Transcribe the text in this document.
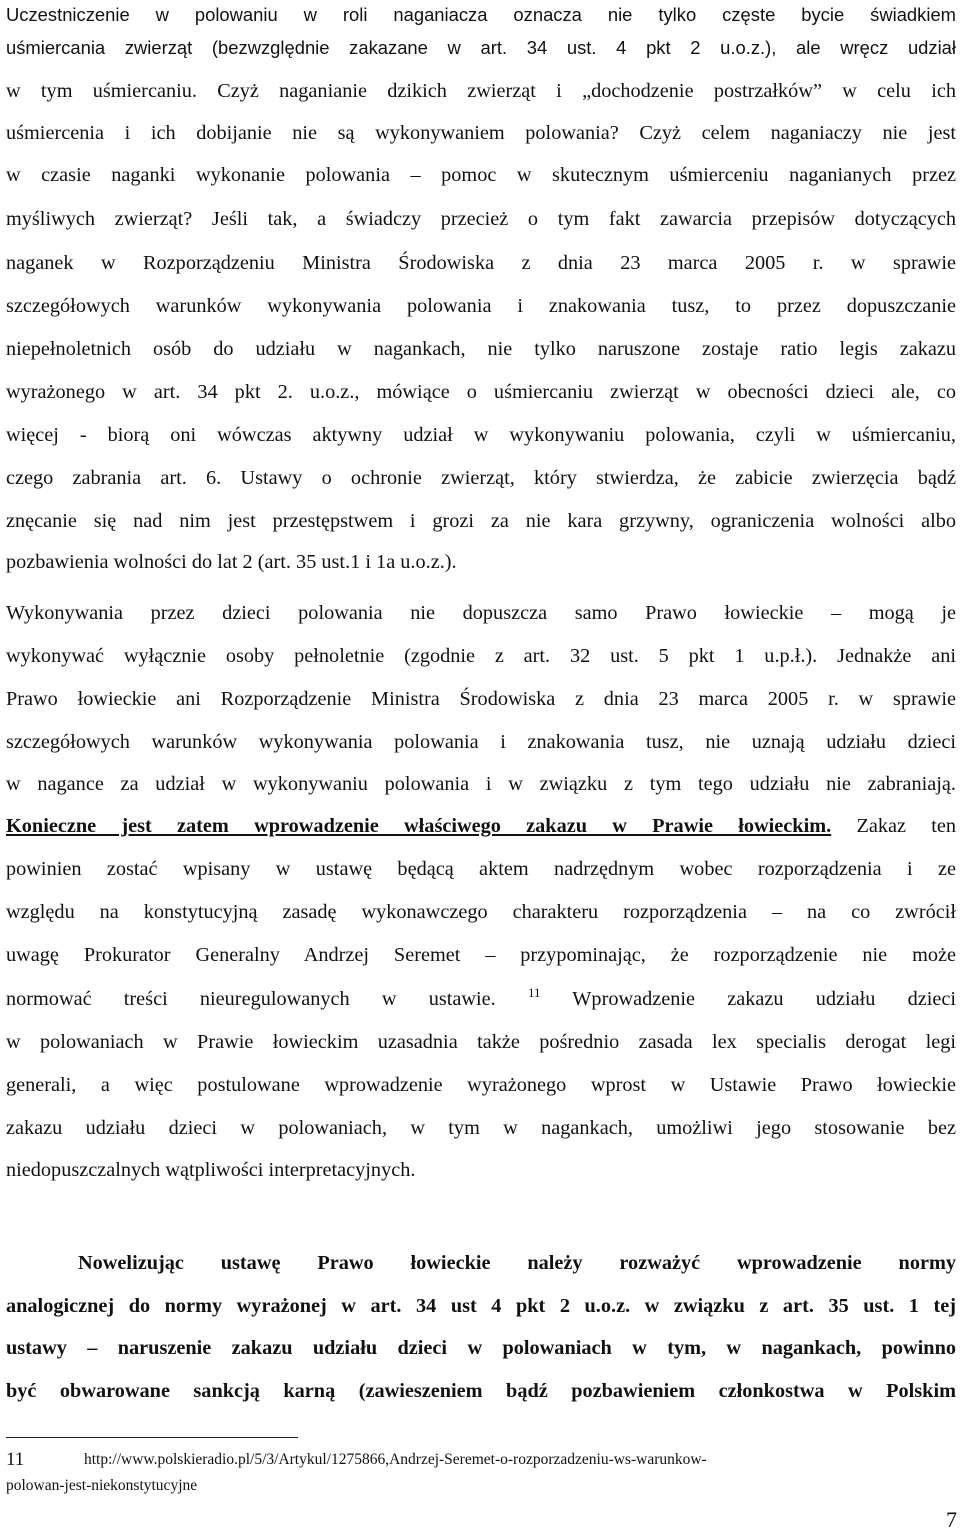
Uczestniczenie w polowaniu w roli naganiacza oznacza nie tylko częste bycie świadkiem
uśmiercania zwierząt (bezwzględnie zakazane w art. 34 ust. 4 pkt 2 u.o.z.), ale wręcz udział
w tym uśmiercaniu. Czyż naganianie dzikich zwierząt i „dochodzenie postrzałków” w celu ich
uśmiercenia i ich dobijanie nie są wykonywaniem polowania? Czyż celem naganiaczy nie jest
w czasie naganki wykonanie polowania – pomoc w skutecznym uśmierceniu naganianych przez
myśliwych zwierząt? Jeśli tak, a świadczy przecież o tym fakt zawarcia przepisów dotyczących
naganek w Rozporządzeniu Ministra Środowiska z dnia 23 marca 2005 r. w sprawie
szczegółowych warunków wykonywania polowania i znakowania tusz, to przez dopuszczanie
niepełnoletnich osób do udziału w nagankach, nie tylko naruszone zostaje ratio legis zakazu
wyrażonego w art. 34 pkt 2. u.o.z., mówiące o uśmiercaniu zwierząt w obecności dzieci ale, co
więcej - biorą oni wówczas aktywny udział w wykonywaniu polowania, czyli w uśmiercaniu,
czego zabrania art. 6. Ustawy o ochronie zwierząt, który stwierdza, że zabicie zwierzęcia bądź
znęcanie się nad nim jest przestępstwem i grozi za nie kara grzywny, ograniczenia wolności albo
pozbawienia wolności do lat 2 (art. 35 ust.1 i 1a u.o.z.).
Wykonywania przez dzieci polowania nie dopuszcza samo Prawo łowieckie – mogą je
wykonywać wyłącznie osoby pełnoletnie (zgodnie z art. 32 ust. 5 pkt 1 u.p.ł.). Jednakże ani
Prawo łowieckie ani Rozporządzenie Ministra Środowiska z dnia 23 marca 2005 r. w sprawie
szczegółowych warunków wykonywania polowania i znakowania tusz, nie uznają udziału dzieci
w nagance za udział w wykonywaniu polowania i w związku z tym tego udziału nie zabraniają.
Konieczne jest zatem wprowadzenie właściwego zakazu w Prawie łowieckim. Zakaz ten
powinien zostać wpisany w ustawę będącą aktem nadrzędnym wobec rozporządzenia i ze
względu na konstytucyjną zasadę wykonawczego charakteru rozporządzenia – na co zwrócił
uwagę Prokurator Generalny Andrzej Seremet – przypominając, że rozporządzenie nie może
normować treści nieuregulowanych w ustawie. $^{11}$ Wprowadzenie zakazu udziału dzieci
w polowaniach w Prawie łowieckim uzasadnia także pośrednio zasada lex specialis derogat legi
generali, a więc postulowane wprowadzenie wyrażonego wprost w Ustawie Prawo łowieckie
zakazu udziału dzieci w polowaniach, w tym w nagankach, umożliwi jego stosowanie bez
niedopuszczalnych wątpliwości interpretacyjnych.
Nowelizując ustawę Prawo łowieckie należy rozważyć wprowadzenie normy
analogicznej do normy wyrażonej w art. 34 ust 4 pkt 2 u.o.z. w związku z art. 35 ust. 1 tej
ustawy – naruszenie zakazu udziału dzieci w polowaniach w tym, w nagankach, powinno
być obwarowane sankcją karną (zawieszeniem bądź pozbawieniem członkostwa w Polskim
11	http://www.polskieradio.pl/5/3/Artykul/1275866,Andrzej-Seremet-o-rozporzadzeniu-ws-warunkow-
polowan-jest-niekonstytucyjne
7
